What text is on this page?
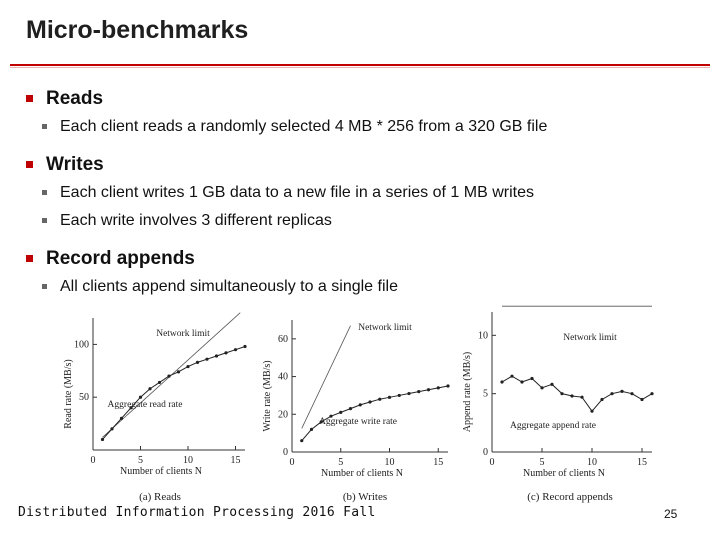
Micro-benchmarks
Reads
Each client reads a randomly selected 4 MB * 256 from a 320 GB file
Writes
Each client writes 1 GB data to a new file in a series of 1 MB writes
Each write involves 3 different replicas
Record appends
All clients append simultaneously to a single file
0	5	10	15
50
100
Number of clients N
Read rate (MB/s)
Network limit
Aggregate read rate
(a) Reads
0	5	10	15
0
20
40
60
Number of clients N
Write rate (MB/s)
Network limit
Aggregate write rate
(b) Writes
0	5	10	15
0
5
10
Number of clients N
Append rate (MB/s)
Network limit
Aggregate append rate
(c) Record appends
Distributed Information Processing 2016 Fall	25
